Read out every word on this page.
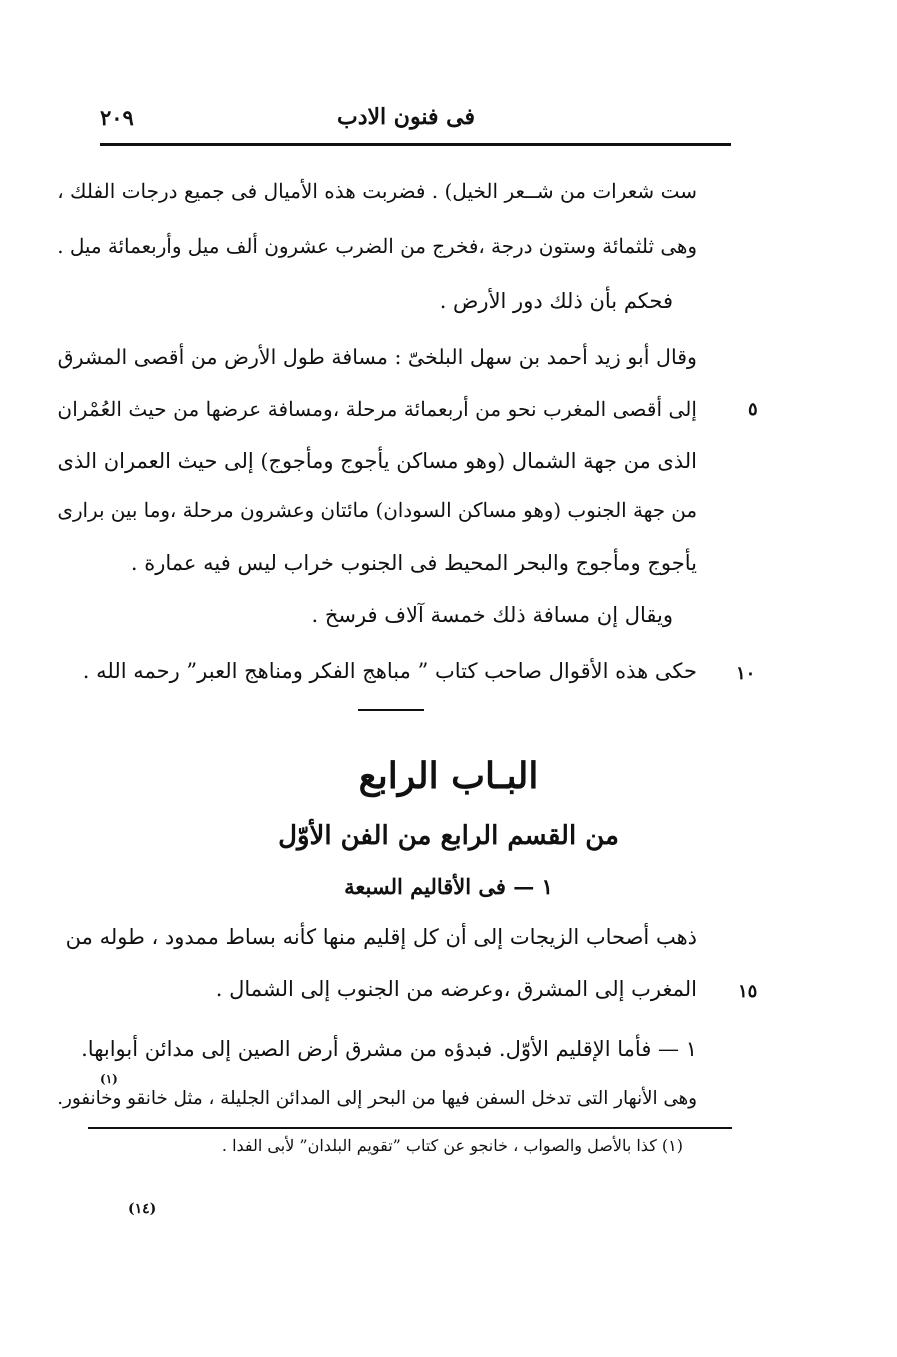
فى فنون الادب
٢٠٩
ست شعرات من شــعر الخيل) . فضربت هذه الأميال فى جميع درجات الفلك ،
وهى ثلثمائة وستون درجة ،فخرج من الضرب عشرون ألف ميل وأربعمائة ميل .
فحكم بأن ذلك دور الأرض .
وقال أبو زيد أحمد بن سهل البلخىّ : مسافة طول الأرض من أقصى المشرق
إلى أقصى المغرب نحو من أربعمائة مرحلة ،ومسافة عرضها من حيث العُمْران	٥
الذى من جهة الشمال (وهو مساكن يأجوج ومأجوج) إلى حيث العمران الذى
من جهة الجنوب (وهو مساكن السودان) مائتان وعشرون مرحلة ،وما بين برارى
يأجوج ومأجوج والبحر المحيط فى الجنوب خراب ليس فيه عمارة .
ويقال إن مسافة ذلك خمسة آلاف فرسخ .
حكى هذه الأقوال صاحب كتاب ” مباهج الفكر ومناهج العبر” رحمه الله . ١٠
البـاب الرابع
من القسم الرابع من الفن الأوّل
١ — فى الأقاليم السبعة
ذهب أصحاب الزيجات إلى أن كل إقليم منها كأنه بساط ممدود ، طوله من
المغرب إلى المشرق ،وعرضه من الجنوب إلى الشمال . ١٥
١ — فأما الإقليم الأوّل. فبدؤه من مشرق أرض الصين إلى مدائن أبوابها.
وهى الأنهار التى تدخل السفن فيها من البحر إلى المدائن الجليلة ، مثل خانقو وخانفور.
(١)
(١) كذا بالأصل والصواب ، خانجو عن كتاب ”تقويم البلدان” لأبى الفدا .
(١٤)
